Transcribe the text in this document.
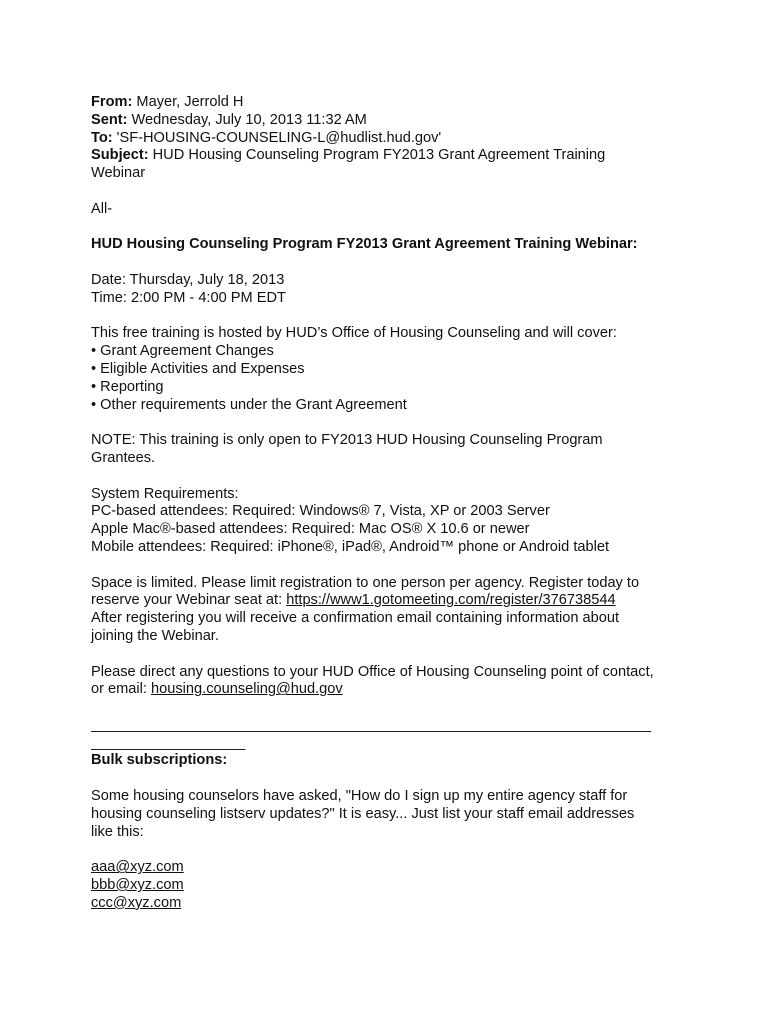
From: Mayer, Jerrold H
Sent: Wednesday, July 10, 2013 11:32 AM
To: 'SF-HOUSING-COUNSELING-L@hudlist.hud.gov'
Subject: HUD Housing Counseling Program FY2013 Grant Agreement Training
Webinar
All-
HUD Housing Counseling Program FY2013 Grant Agreement Training Webinar:
Date: Thursday, July 18, 2013
Time: 2:00 PM - 4:00 PM EDT
This free training is hosted by HUD’s Office of Housing Counseling and will cover:
• Grant Agreement Changes
• Eligible Activities and Expenses
• Reporting
• Other requirements under the Grant Agreement
NOTE: This training is only open to FY2013 HUD Housing Counseling Program
Grantees.
System Requirements:
PC-based attendees: Required: Windows® 7, Vista, XP or 2003 Server
Apple Mac®-based attendees: Required: Mac OS® X 10.6 or newer
Mobile attendees: Required: iPhone®, iPad®, Android™ phone or Android tablet
Space is limited. Please limit registration to one person per agency. Register today to
reserve your Webinar seat at: https://www1.gotomeeting.com/register/376738544
After registering you will receive a confirmation email containing information about
joining the Webinar.
Please direct any questions to your HUD Office of Housing Counseling point of contact,
or email: housing.counseling@hud.gov
_____________________________________________________________________
___________________
Bulk subscriptions:
Some housing counselors have asked, "How do I sign up my entire agency staff for
housing counseling listserv updates?" It is easy... Just list your staff email addresses
like this:
aaa@xyz.com
bbb@xyz.com
ccc@xyz.com
